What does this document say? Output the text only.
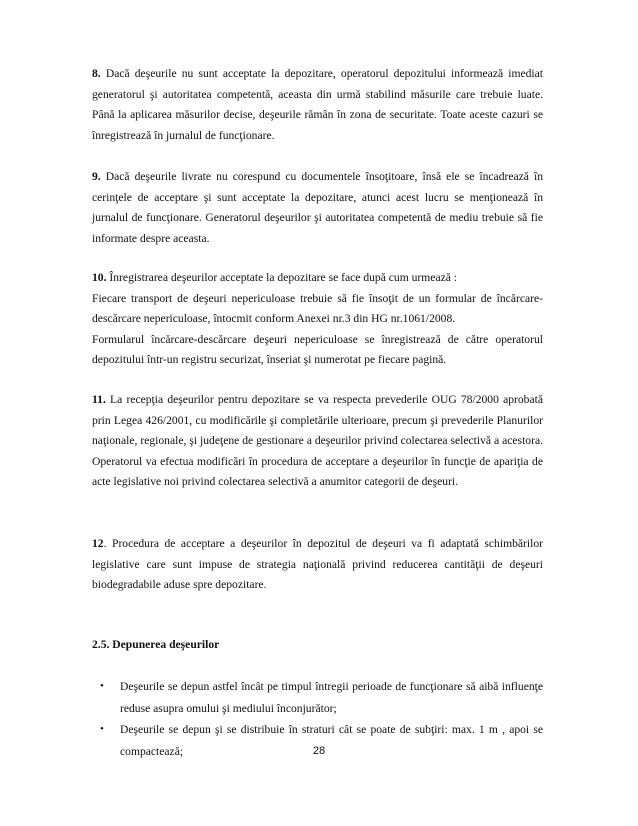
8. Dacă deşeurile nu sunt acceptate la depozitare, operatorul depozitului informează imediat generatorul şi autoritatea competentă, aceasta din urmă stabilind măsurile care trebuie luate. Până la aplicarea măsurilor decise, deşeurile rămân în zona de securitate. Toate aceste cazuri se înregistrează în jurnalul de funcţionare.

9. Dacă deşeurile livrate nu corespund cu documentele însoţitoare, însă ele se încadrează în cerinţele de acceptare şi sunt acceptate la depozitare, atunci acest lucru se menţionează în jurnalul de funcţionare. Generatorul deşeurilor şi autoritatea competentă de mediu trebuie să fie informate despre aceasta.

10. Înregistrarea deşeurilor acceptate la depozitare se face după cum urmează :
Fiecare transport de deşeuri nepericuloase trebuie să fie însoţit de un formular de încărcare-descărcare nepericuloase, întocmit conform Anexei nr.3 din HG nr.1061/2008.
Formularul încărcare-descărcare deşeuri nepericuloase se înregistrează de către operatorul depozitului într-un registru securizat, înseriat şi numerotat pe fiecare pagină.

11. La recepţia deşeurilor pentru depozitare se va respecta prevederile OUG 78/2000 aprobată prin Legea 426/2001, cu modificările şi completările ulterioare, precum şi prevederile Planurilor naţionale, regionale, şi judeţene de gestionare a deşeurilor privind colectarea selectivă a acestora. Operatorul va efectua modificări în procedura de acceptare a deşeurilor în funcţie de apariţia de acte legislative noi privind colectarea selectivă a anumitor categorii de deşeuri.

12. Procedura de acceptare a deşeurilor în depozitul de deşeuri va fi adaptată schimbărilor legislative care sunt impuse de strategia naţională privind reducerea cantităţii de deşeuri biodegradabile aduse spre depozitare.

2.5. Depunerea deşeurilor

• Deşeurile se depun astfel încât pe timpul întregii perioade de funcţionare să aibă influenţe reduse asupra omului şi mediului înconjurător;
• Deşeurile se depun şi se distribuie în straturi cât se poate de subţiri: max. 1 m , apoi se compactează;	28
